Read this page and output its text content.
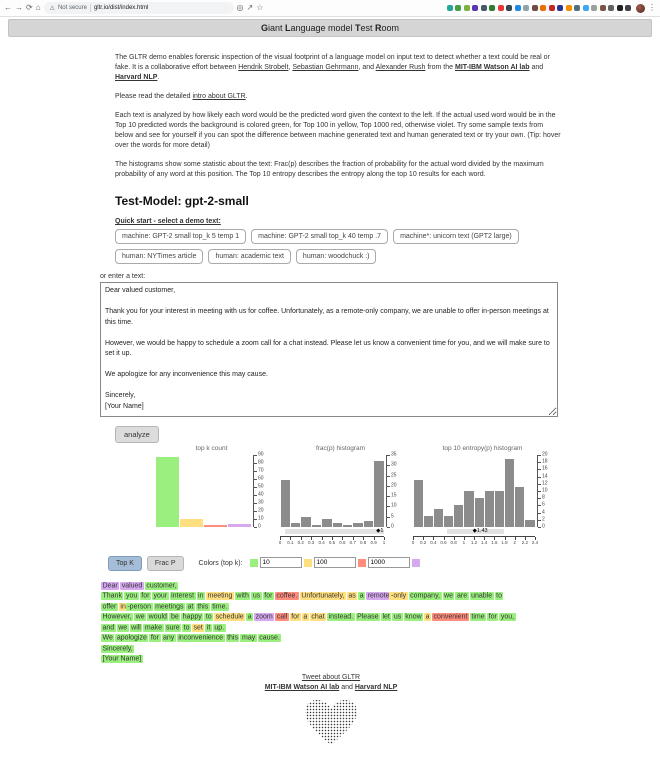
← → ⟳ ⌂ ⚠ Not secure gltr.io/dist/index.html	◎ ↗ ☆	⋮
Giant Language model Test Room

The GLTR demo enables forensic inspection of the visual footprint of a language model on input text to detect whether a text could be real or fake. It is a collaborative effort between Hendrik Strobelt, Sebastian Gehrmann, and Alexander Rush from the MIT-IBM Watson AI lab and Harvard NLP.

Please read the detailed intro about GLTR.

Each text is analyzed by how likely each word would be the predicted word given the context to the left. If the actual used word would be in the Top 10 predicted words the background is colored green, for Top 100 in yellow, Top 1000 red, otherwise violet. Try some sample texts from below and see for yourself if you can spot the difference between machine generated text and human generated text or try your own. (Tip: hover over the words for more detail)

The histograms show some statistic about the text: Frac(p) describes the fraction of probability for the actual word divided by the maximum probability of any word at this position. The Top 10 entropy describes the entropy along the top 10 results for each word.

Test-Model: gpt-2-small
Quick start - select a demo text:
machine: GPT-2 small top_k 5 temp 1	machine: GPT-2 small top_k 40 temp .7	machine*: unicorn text (GPT2 large)
human: NYTimes article	human: academic text	human: woodchuck :)
or enter a text:
Dear valued customer, Thank you for your interest in meeting with us for coffee. Unfortunately, as a remote-only company, we are unable to offer in-person meetings at this time. However, we would be happy to schedule a zoom call for a chat instead. Please let us know a convenient time for you, and we will make sure to set it up. We apologize for any inconvenience this may cause. Sincerely, [Your Name] analyze
top k count
0
10
20
30
40
50
60
70
80
90
frac(p) histogram
◆1
0 0.1 0.2 0.3 0.4 0.5 0.6 0.7 0.8 0.9 1
0
5
10
15
20
25
30
35
top 10 entropy(p) histogram
◆1.43
0 0.2 0.4 0.6 0.8 1 1.2 1.4 1.6 1.8 2 2.2 2.4
0
2
4
6
8
10
12
14
16
18
20
Top K	Frac P	Colors (top k):
101001000
Dear valued customer,
Thank you for your interest in meeting with us for coffee. Unfortunately, as a remote -only company, we are unable to
offer in -person meetings at this time.
However, we would be happy to schedule a zoom call for a chat instead. Please let us know a convenient time for you,
and we will make sure to set it up.
We apologize for any inconvenience this may cause.
Sincerely,
[Your Name]
Tweet about GLTR
MIT-IBM Watson AI lab and Harvard NLP
